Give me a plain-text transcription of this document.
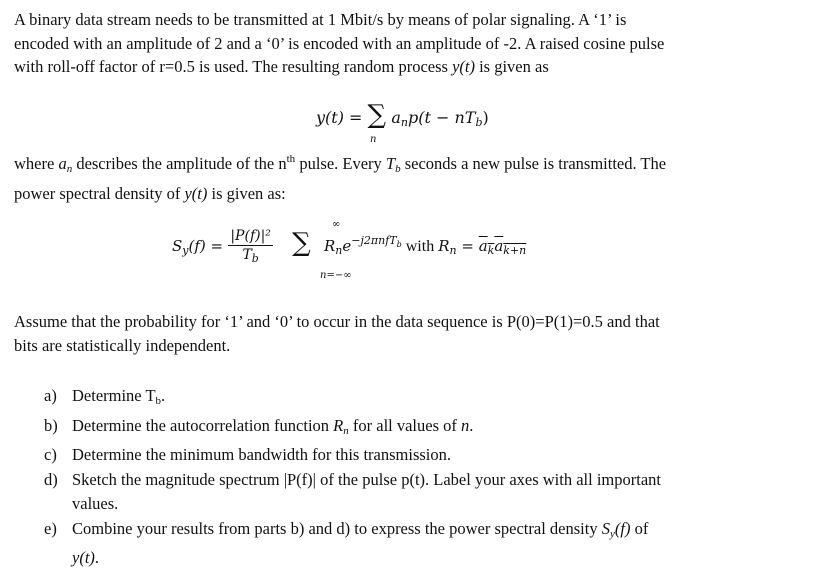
A binary data stream needs to be transmitted at 1 Mbit/s by means of polar signaling. A ‘1’ is
encoded with an amplitude of 2 and a ‘0’ is encoded with an amplitude of -2. A raised cosine pulse
with roll-off factor of r=0.5 is used. The resulting random process y(t) is given as
y(t) = ∑ $a_np(t - nT_b)$
n
where $a_n$ describes the amplitude of the $n^{th}$ pulse. Every $T_b$ seconds a new pulse is transmitted. The
power spectral density of y(t) is given as:
$S_y(f) = \frac{\text{|P(f)|²}}{T_b}$ ∑ $R_ne^{-j2\pi nfTb}$ with $R_n = a_ka_{k+n}$
∞
n=−∞
Assume that the probability for ‘1’ and ‘0’ to occur in the data sequence is P(0)=P(1)=0.5 and that
bits are statistically independent.
a) Determine $T_b$.
b) Determine the autocorrelation function $R_n$ for all values of n.
c) Determine the minimum bandwidth for this transmission.
d) Sketch the magnitude spectrum |P(f)| of the pulse p(t). Label your axes with all important
values.
e) Combine your results from parts b) and d) to express the power spectral density $S_y(f)$ of
y(t).
